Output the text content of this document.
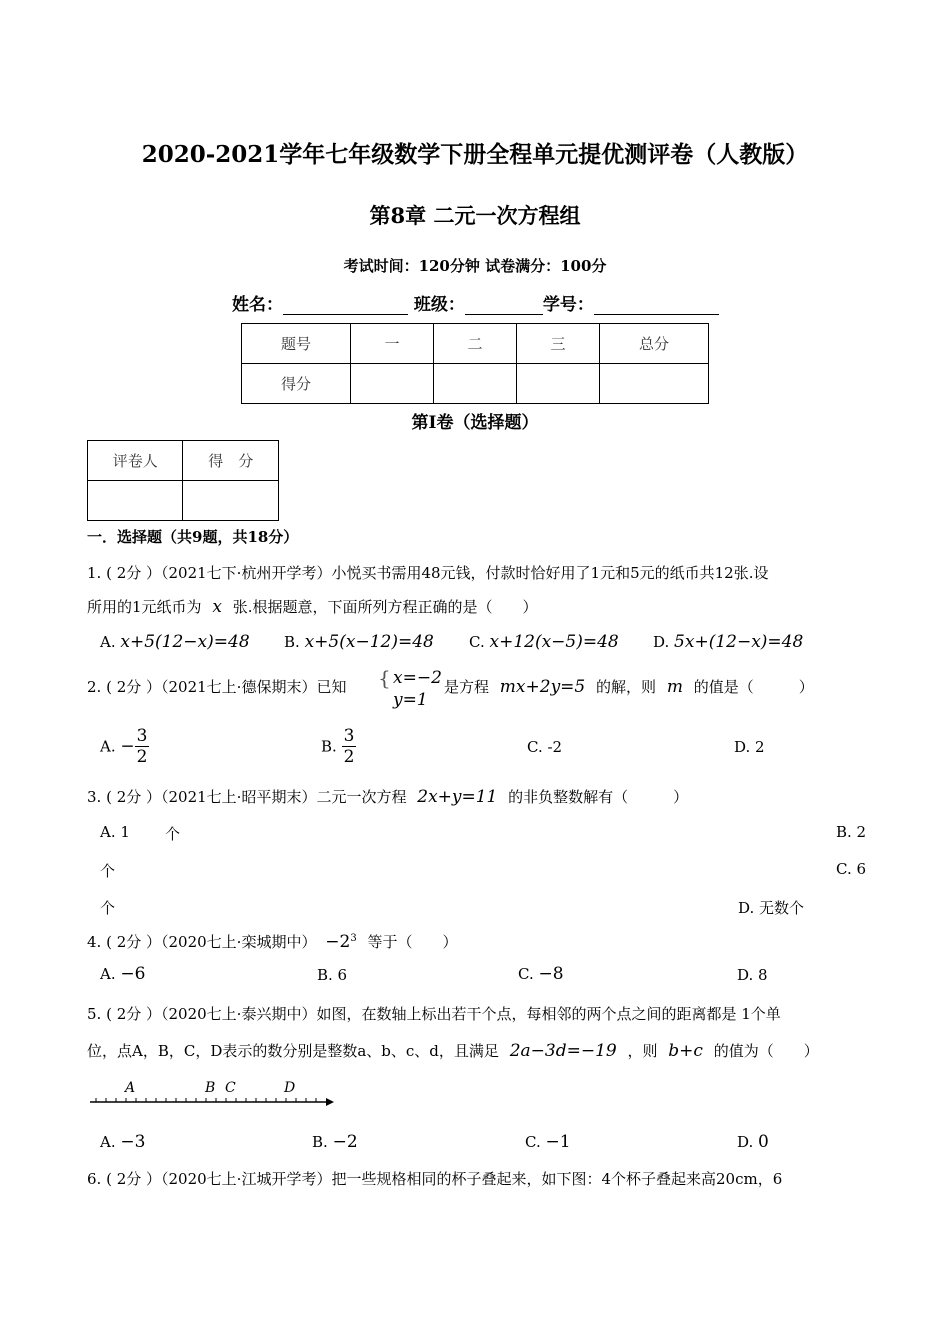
2020-2021学年七年级数学下册全程单元提优测评卷（人教版）
第8章 二元一次方程组
考试时间：120分钟 试卷满分：100分
姓名：	班级：	学号：
题号	一	二	三	总分
得分				
第Ⅰ卷（选择题）
评卷人	得　分

一．选择题（共9题，共18分）
1. ( 2分 ）（2021七下·杭州开学考）小悦买书需用48元钱，付款时恰好用了1元和5元的纸币共12张.设
所用的1元纸币为 x 张.根据题意，下面所列方程正确的是（　　）
A. x+5(12−x)=48 B. x+5(x−12)=48 C. x+12(x−5)=48 D. 5x+(12−x)=48
2. ( 2分 ）（2021七上·德保期末）已知 { x=−2
y=1
是方程 mx+2y=5 的解，则 m 的值是（　　　）
A. − $\frac{3}{2}$	B. $\frac{3}{2}$	C. -2	D. 2
3. ( 2分 ）（2021七上·昭平期末）二元一次方程 2x+y=11 的非负整数解有（　　　）
A. 1 个	B. 2
个	C. 6
个	D. 无数个
4. ( 2分 ）（2020七上·栾城期中） $-2^3$ 等于（　　）
A. −6	B. 6	C. −8	D. 8
5. ( 2分 ）（2020七上·泰兴期中）如图，在数轴上标出若干个点，每相邻的两个点之间的距离都是 1个单
位，点A，B，C，D表示的数分别是整数a、b、c、d，且满足 2a−3d=−19 ，则 b+c 的值为（　　）
A	B C	D
A. −3	B. −2	C. −1	D. 0
6. ( 2分 ）（2020七上·江城开学考）把一些规格相同的杯子叠起来，如下图：4个杯子叠起来高20cm，6
